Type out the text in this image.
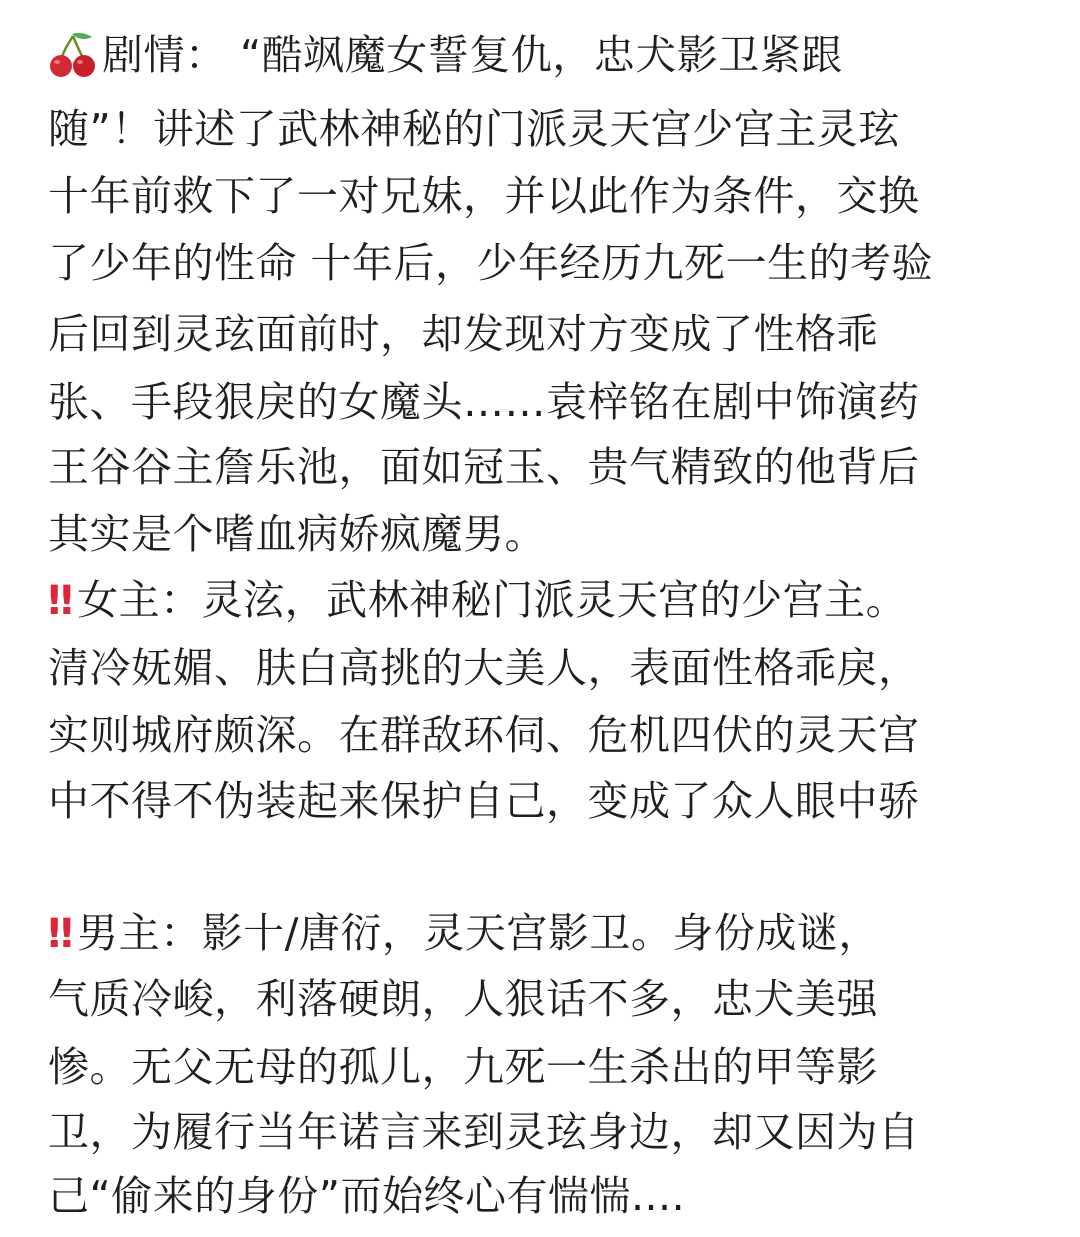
剧情： “酷飒魔女誓复仇，忠犬影卫紧跟
随”！讲述了武林神秘的门派灵天宫少宫主灵玹
十年前救下了一对兄妹，并以此作为条件，交换
了少年的性命 十年后，少年经历九死一生的考验
后回到灵玹面前时，却发现对方变成了性格乖
张、手段狠戾的女魔头……袁梓铭在剧中饰演药
王谷谷主詹乐池，面如冠玉、贵气精致的他背后
其实是个嗜血病娇疯魔男。
‼ 女主：灵泫，武林神秘门派灵天宫的少宫主。
清冷妩媚、肤白高挑的大美人，表面性格乖戾，
实则城府颇深。在群敌环伺、危机四伏的灵天宫
中不得不伪装起来保护自己，变成了众人眼中骄
‼ 男主：影十/唐衍，灵天宫影卫。身份成谜，
气质冷峻，利落硬朗，人狠话不多，忠犬美强
惨。无父无母的孤儿，九死一生杀出的甲等影
卫，为履行当年诺言来到灵玹身边，却又因为自
己“偷来的身份”而始终心有惴惴....
